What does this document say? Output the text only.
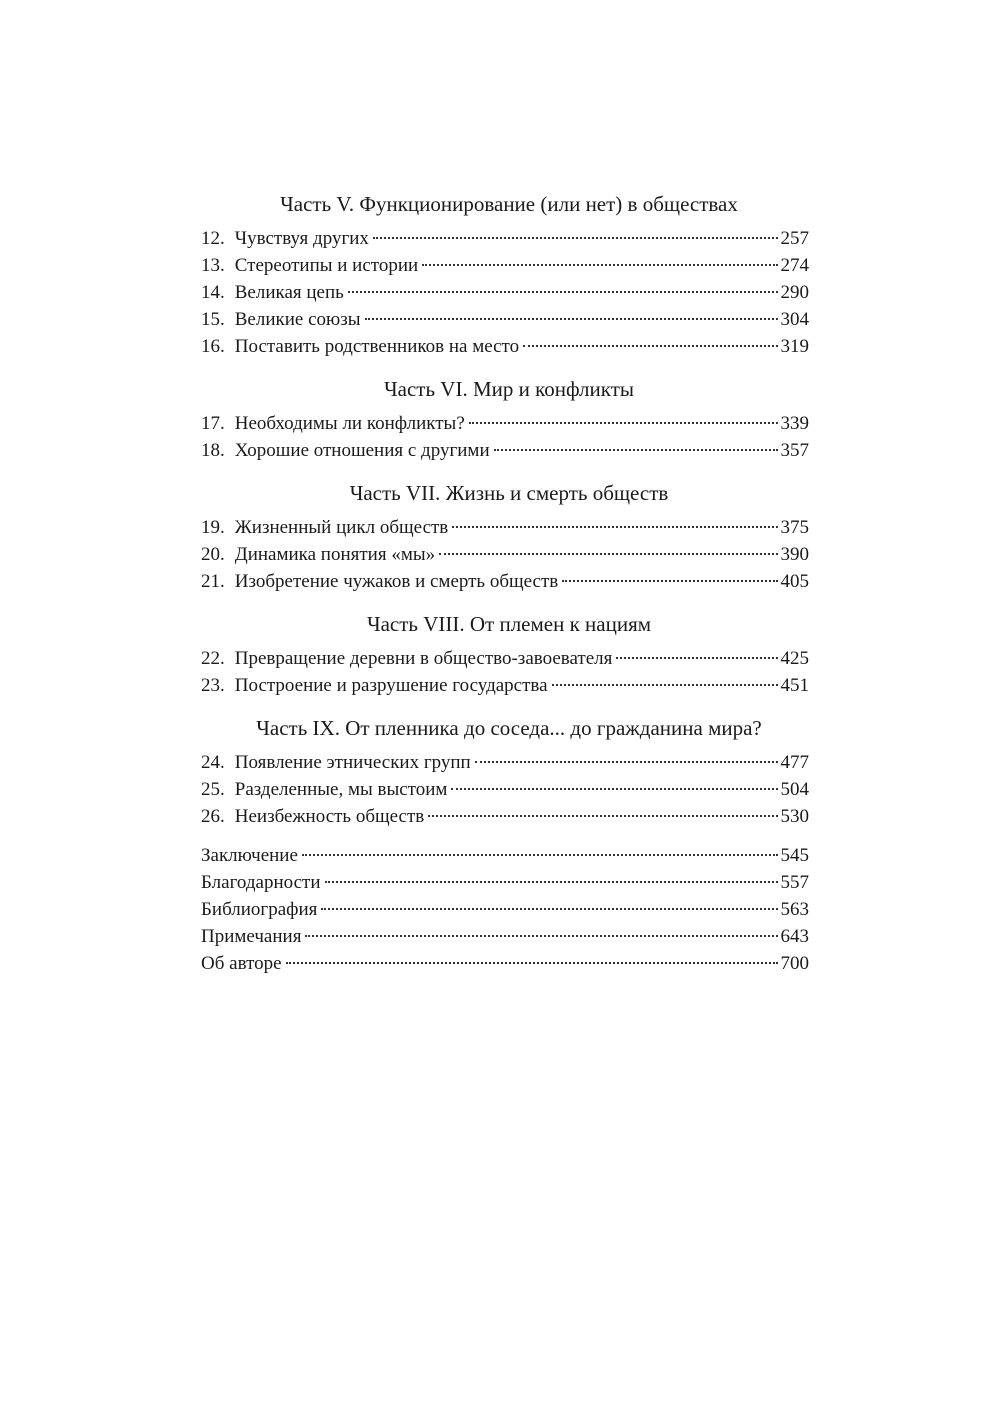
Часть V. Функционирование (или нет) в обществах
12. Чувствуя других	257
13. Стереотипы и истории	274
14. Великая цепь	290
15. Великие союзы	304
16. Поставить родственников на место	319
Часть VI. Мир и конфликты
17. Необходимы ли конфликты?	339
18. Хорошие отношения с другими	357
Часть VII. Жизнь и смерть обществ
19. Жизненный цикл обществ	375
20. Динамика понятия «мы»	390
21. Изобретение чужаков и смерть обществ	405
Часть VIII. От племен к нациям
22. Превращение деревни в общество-завоевателя	425
23. Построение и разрушение государства	451
Часть IX. От пленника до соседа... до гражданина мира?
24. Появление этнических групп	477
25. Разделенные, мы выстоим	504
26. Неизбежность обществ	530
Заключение	545
Благодарности	557
Библиография	563
Примечания	643
Об авторе	700
